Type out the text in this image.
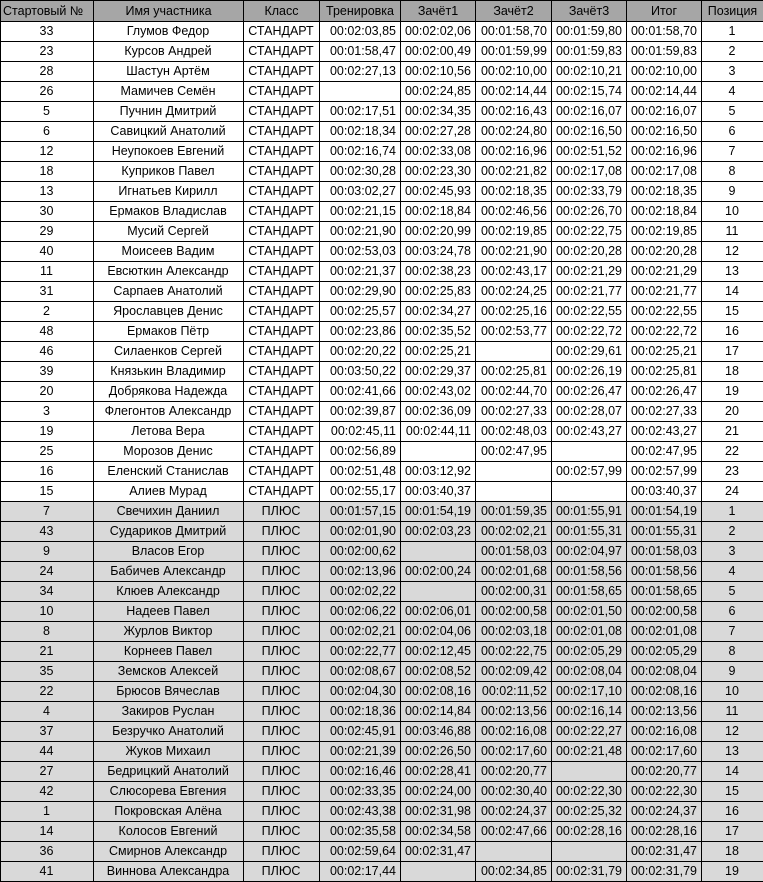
Стартовый №	Имя участника	Класс	Тренировка	Зачёт1	Зачёт2	Зачёт3	Итог	Позиция
33	Глумов Федор	СТАНДАРТ	00:02:03,85	00:02:02,06	00:01:58,70	00:01:59,80	00:01:58,70	1
23	Курсов Андрей	СТАНДАРТ	00:01:58,47	00:02:00,49	00:01:59,99	00:01:59,83	00:01:59,83	2
28	Шастун Артём	СТАНДАРТ	00:02:27,13	00:02:10,56	00:02:10,00	00:02:10,21	00:02:10,00	3
26	Мамичев Семён	СТАНДАРТ		00:02:24,85	00:02:14,44	00:02:15,74	00:02:14,44	4
5	Пучнин Дмитрий	СТАНДАРТ	00:02:17,51	00:02:34,35	00:02:16,43	00:02:16,07	00:02:16,07	5
6	Савицкий Анатолий	СТАНДАРТ	00:02:18,34	00:02:27,28	00:02:24,80	00:02:16,50	00:02:16,50	6
12	Неупокоев Евгений	СТАНДАРТ	00:02:16,74	00:02:33,08	00:02:16,96	00:02:51,52	00:02:16,96	7
18	Куприков Павел	СТАНДАРТ	00:02:30,28	00:02:23,30	00:02:21,82	00:02:17,08	00:02:17,08	8
13	Игнатьев Кирилл	СТАНДАРТ	00:03:02,27	00:02:45,93	00:02:18,35	00:02:33,79	00:02:18,35	9
30	Ермаков Владислав	СТАНДАРТ	00:02:21,15	00:02:18,84	00:02:46,56	00:02:26,70	00:02:18,84	10
29	Мусий Сергей	СТАНДАРТ	00:02:21,90	00:02:20,99	00:02:19,85	00:02:22,75	00:02:19,85	11
40	Моисеев Вадим	СТАНДАРТ	00:02:53,03	00:03:24,78	00:02:21,90	00:02:20,28	00:02:20,28	12
11	Евсюткин Александр	СТАНДАРТ	00:02:21,37	00:02:38,23	00:02:43,17	00:02:21,29	00:02:21,29	13
31	Сарпаев Анатолий	СТАНДАРТ	00:02:29,90	00:02:25,83	00:02:24,25	00:02:21,77	00:02:21,77	14
2	Ярославцев Денис	СТАНДАРТ	00:02:25,57	00:02:34,27	00:02:25,16	00:02:22,55	00:02:22,55	15
48	Ермаков Пётр	СТАНДАРТ	00:02:23,86	00:02:35,52	00:02:53,77	00:02:22,72	00:02:22,72	16
46	Силаенков Сергей	СТАНДАРТ	00:02:20,22	00:02:25,21		00:02:29,61	00:02:25,21	17
39	Князькин Владимир	СТАНДАРТ	00:03:50,22	00:02:29,37	00:02:25,81	00:02:26,19	00:02:25,81	18
20	Добрякова Надежда	СТАНДАРТ	00:02:41,66	00:02:43,02	00:02:44,70	00:02:26,47	00:02:26,47	19
3	Флегонтов Александр	СТАНДАРТ	00:02:39,87	00:02:36,09	00:02:27,33	00:02:28,07	00:02:27,33	20
19	Летова Вера	СТАНДАРТ	00:02:45,11	00:02:44,11	00:02:48,03	00:02:43,27	00:02:43,27	21
25	Морозов Денис	СТАНДАРТ	00:02:56,89		00:02:47,95		00:02:47,95	22
16	Еленский Станислав	СТАНДАРТ	00:02:51,48	00:03:12,92		00:02:57,99	00:02:57,99	23
15	Алиев Мурад	СТАНДАРТ	00:02:55,17	00:03:40,37			00:03:40,37	24
7	Свечихин Даниил	ПЛЮС	00:01:57,15	00:01:54,19	00:01:59,35	00:01:55,91	00:01:54,19	1
43	Судариков Дмитрий	ПЛЮС	00:02:01,90	00:02:03,23	00:02:02,21	00:01:55,31	00:01:55,31	2
9	Власов Егор	ПЛЮС	00:02:00,62		00:01:58,03	00:02:04,97	00:01:58,03	3
24	Бабичев Александр	ПЛЮС	00:02:13,96	00:02:00,24	00:02:01,68	00:01:58,56	00:01:58,56	4
34	Клюев Александр	ПЛЮС	00:02:02,22		00:02:00,31	00:01:58,65	00:01:58,65	5
10	Надеев Павел	ПЛЮС	00:02:06,22	00:02:06,01	00:02:00,58	00:02:01,50	00:02:00,58	6
8	Журлов Виктор	ПЛЮС	00:02:02,21	00:02:04,06	00:02:03,18	00:02:01,08	00:02:01,08	7
21	Корнеев Павел	ПЛЮС	00:02:22,77	00:02:12,45	00:02:22,75	00:02:05,29	00:02:05,29	8
35	Земсков Алексей	ПЛЮС	00:02:08,67	00:02:08,52	00:02:09,42	00:02:08,04	00:02:08,04	9
22	Брюсов Вячеслав	ПЛЮС	00:02:04,30	00:02:08,16	00:02:11,52	00:02:17,10	00:02:08,16	10
4	Закиров Руслан	ПЛЮС	00:02:18,36	00:02:14,84	00:02:13,56	00:02:16,14	00:02:13,56	11
37	Безручко Анатолий	ПЛЮС	00:02:45,91	00:03:46,88	00:02:16,08	00:02:22,27	00:02:16,08	12
44	Жуков Михаил	ПЛЮС	00:02:21,39	00:02:26,50	00:02:17,60	00:02:21,48	00:02:17,60	13
27	Бедрицкий Анатолий	ПЛЮС	00:02:16,46	00:02:28,41	00:02:20,77		00:02:20,77	14
42	Слюсорева Евгения	ПЛЮС	00:02:33,35	00:02:24,00	00:02:30,40	00:02:22,30	00:02:22,30	15
1	Покровская Алёна	ПЛЮС	00:02:43,38	00:02:31,98	00:02:24,37	00:02:25,32	00:02:24,37	16
14	Колосов Евгений	ПЛЮС	00:02:35,58	00:02:34,58	00:02:47,66	00:02:28,16	00:02:28,16	17
36	Смирнов Александр	ПЛЮС	00:02:59,64	00:02:31,47			00:02:31,47	18
41	Виннова Александра	ПЛЮС	00:02:17,44		00:02:34,85	00:02:31,79	00:02:31,79	19
